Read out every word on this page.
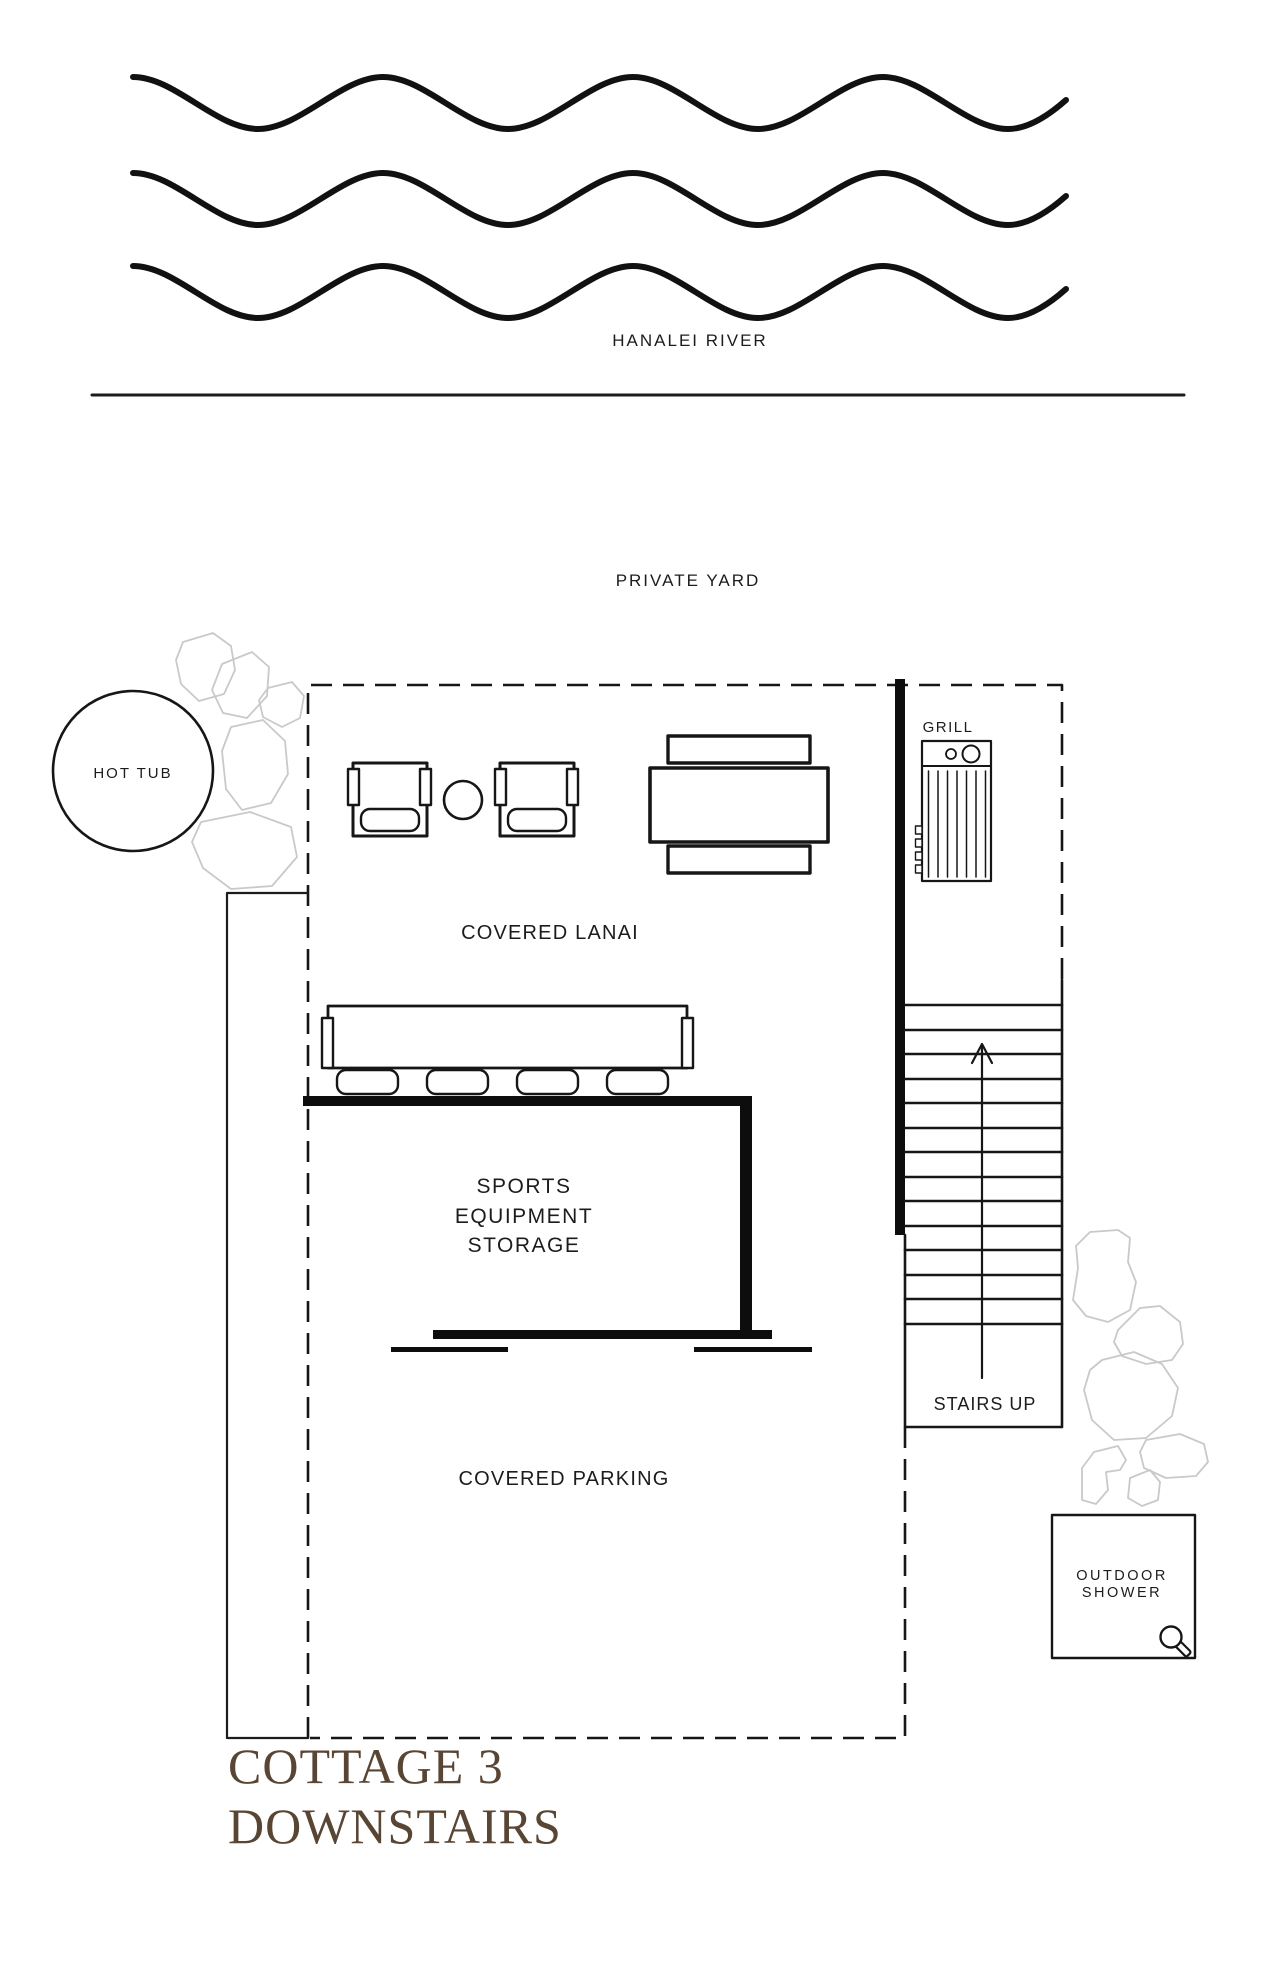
HANALEI RIVER
PRIVATE YARD
HOT TUB
GRILL
COVERED LANAI
SPORTS
EQUIPMENT
STORAGE
STAIRS UP
COVERED PARKING
OUTDOOR
SHOWER
COTTAGE 3
DOWNSTAIRS
